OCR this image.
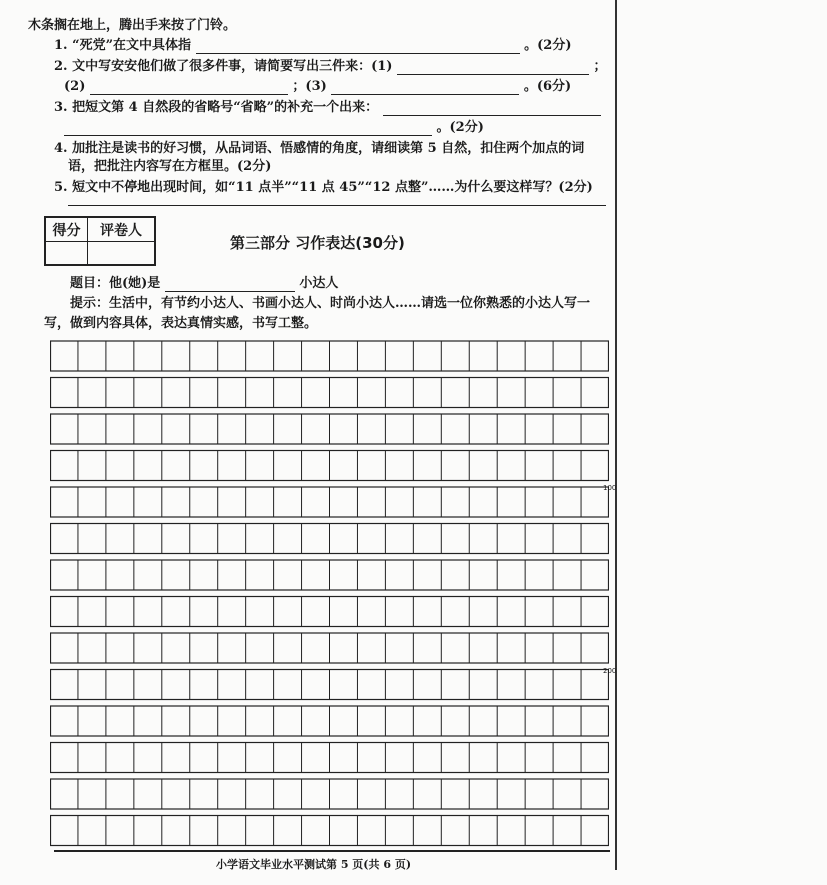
木条搁在地上，腾出手来按了门铃。
1. “死党”在文中具体指	。(2分)
2. 文中写安安他们做了很多件事，请简要写出三件来：(1)	；
(2)	；(3)	。(6分)
3. 把短文第 4 自然段的省略号“省略”的补充一个出来：
。(2分)
4. 加批注是读书的好习惯，从品词语、悟感情的角度，请细读第 5 自然，扣住两个加点的词
语，把批注内容写在方框里。(2分)
5. 短文中不停地出现时间，如“11 点半”“11 点 45”“12 点整”……为什么要这样写？(2分)
得分	评卷人
第三部分 习作表达(30分)
题目：他(她)是	小达人
提示：生活中，有节约小达人、书画小达人、时尚小达人……请选一位你熟悉的小达人写一
写，做到内容具体，表达真情实感，书写工整。
100
200
小学语文毕业水平测试第 5 页(共 6 页)
